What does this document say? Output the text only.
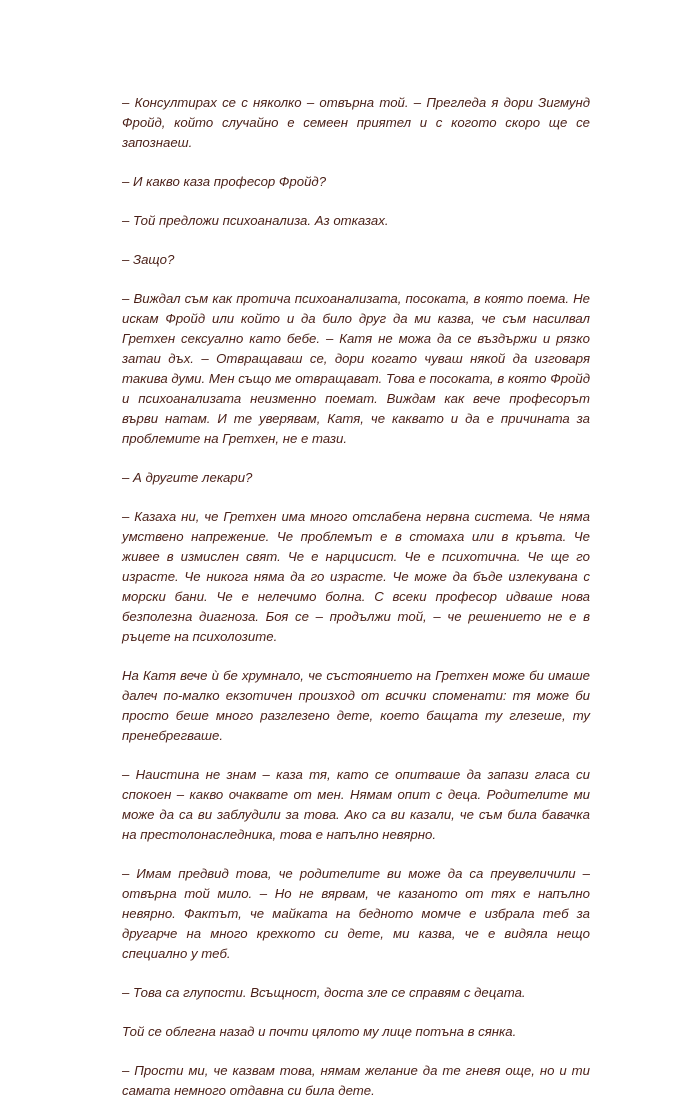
– Консултирах се с няколко – отвърна той. – Прегледа я дори Зигмунд Фройд, който случайно е семеен приятел и с когото скоро ще се запознаеш.

– И какво каза професор Фройд?

– Той предложи психоанализа. Аз отказах.

– Защо?

– Виждал съм как протича психоанализата, посоката, в която поема. Не искам Фройд или който и да било друг да ми казва, че съм насилвал Гретхен сексуално като бебе. – Катя не можа да се въздържи и рязко затаи дъх. – Отвращаваш се, дори когато чуваш някой да изговаря такива думи. Мен също ме отвращават. Това е посоката, в която Фройд и психоанализата неизменно поемат. Виждам как вече професорът върви натам. И те уверявам, Катя, че каквато и да е причината за проблемите на Гретхен, не е тази.

– А другите лекари?

– Казаха ни, че Гретхен има много отслабена нервна система. Че няма умствено напрежение. Че проблемът е в стомаха или в кръвта. Че живее в измислен свят. Че е нарцисист. Че е психотична. Че ще го израсте. Че никога няма да го израсте. Че може да бъде излекувана с морски бани. Че е нелечимо болна. С всеки професор идваше нова безполезна диагноза. Боя се – продължи той, – че решението не е в ръцете на психолозите.

На Катя вече ѝ бе хрумнало, че състоянието на Гретхен може би имаше далеч по-малко екзотичен произход от всички споменати: тя може би просто беше много разглезено дете, което бащата ту глезеше, ту пренебрегваше.

– Наистина не знам – каза тя, като се опитваше да запази гласа си спокоен – какво очаквате от мен. Нямам опит с деца. Родителите ми може да са ви заблудили за това. Ако са ви казали, че съм била бавачка на престолонаследника, това е напълно невярно.

– Имам предвид това, че родителите ви може да са преувеличили – отвърна той мило. – Но не вярвам, че казаното от тях е напълно невярно. Фактът, че майката на бедното момче е избрала теб за другарче на много крехкото си дете, ми казва, че е видяла нещо специално у теб.

– Това са глупости. Всъщност, доста зле се справям с децата.

Той се облегна назад и почти цялото му лице потъна в сянка.

– Прости ми, че казвам това, нямам желание да те гневя още, но и ти самата немного отдавна си била дете.
